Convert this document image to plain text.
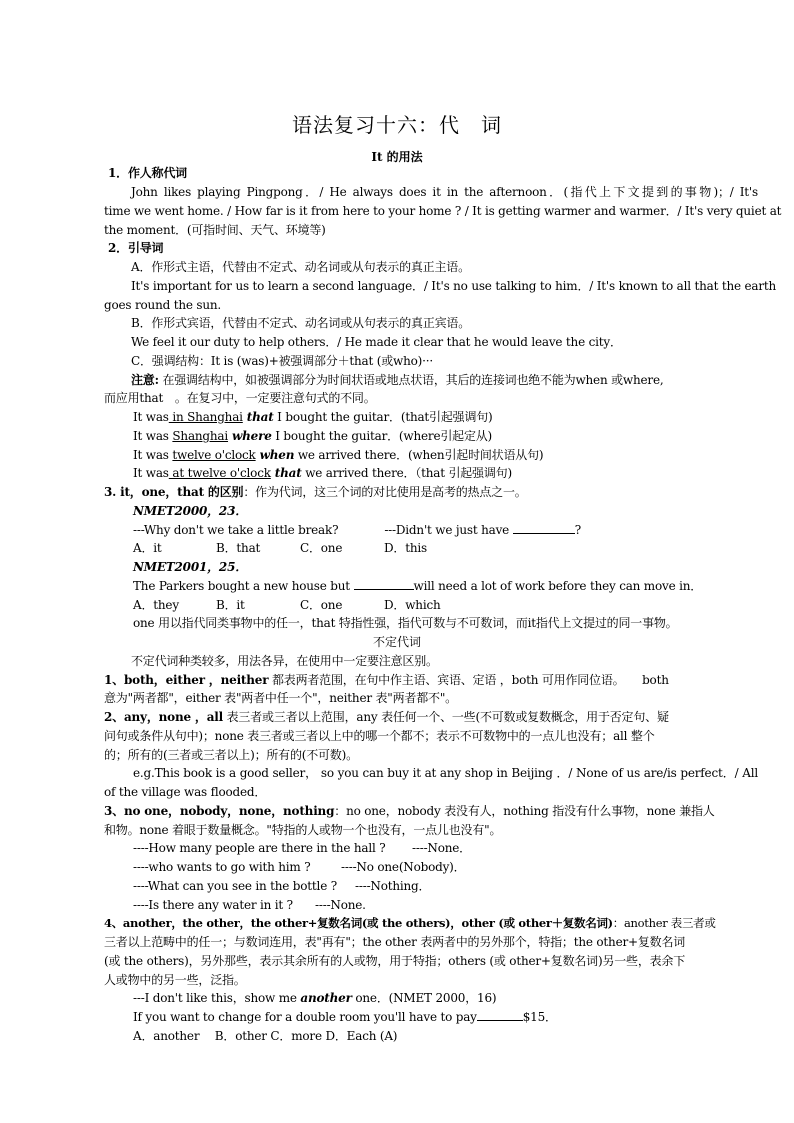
语法复习十六：代　词
It 的用法
1．作人称代词
John likes playing Pingpong．/ He always does it in the afternoon．(指代上下文提到的事物)；/ It's
time we went home. / How far is it from here to your home ? / It is getting warmer and warmer．/ It's very quiet at
the moment．(可指时间、天气、环境等)
2．引导词
A．作形式主语，代替由不定式、动名词或从句表示的真正主语。
It's important for us to learn a second language．/ It's no use talking to him．/ It's known to all that the earth
goes round the sun.
B．作形式宾语，代替由不定式、动名词或从句表示的真正宾语。
We feel it our duty to help others．/ He made it clear that he would leave the city．
C．强调结构：It is (was)+被强调部分＋that (或who)···
注意: 在强调结构中，如被强调部分为时间状语或地点状语，其后的连接词也绝不能为when 或where,
而应用that　。在复习中，一定要注意句式的不同。
It was in Shanghai that I bought the guitar．(that引起强调句)
It was Shanghai where I bought the guitar．(where引起定从)
It was twelve o'clock when we arrived there．(when引起时间状语从句)
It was at twelve o'clock that we arrived there．（that 引起强调句)
3. it，one，that 的区别：作为代词，这三个词的对比使用是高考的热点之一。
NMET2000，23．
---Why don't we take a little break?	---Didn't we just have	?
A．it	B．that	C．one	D．this
NMET2001，25．
The Parkers bought a new house but	will need a lot of work before they can move in．
A．they	B．it	C．one	D．which
one 用以指代同类事物中的任一，that 特指性强，指代可数与不可数词，而it指代上文提过的同一事物。
不定代词
不定代词种类较多，用法各异，在使用中一定要注意区别。
1、both，either ，neither 都表两者范围，在句中作主语、宾语、定语 ，both 可用作同位语。　　both
意为"两者都"，either 表"两者中任一个"，neither 表"两者都不"。
2、any，none ，all 表三者或三者以上范围，any 表任何一个、一些(不可数或复数概念，用于否定句、疑
问句或条件从句中)；none 表三者或三者以上中的哪一个都不；表示不可数物中的一点儿也没有；all 整个
的；所有的(三者或三者以上)；所有的(不可数)。
e.g.This book is a good seller， so you can buy it at any shop in Beijing ．/ None of us are/is perfect．/ All
of the village was flooded．
3、no one，nobody，none，nothing：no one，nobody 表没有人，nothing 指没有什么事物，none 兼指人
和物。none 着眼于数量概念。"特指的人或物一个也没有，一点儿也没有"。
----How many people are there in the hall ? ----None．
----who wants to go with him ?	----No one(Nobody)．
----What can you see in the bottle ? ----Nothing．
----Is there any water in it ? ----None.
4、another，the other，the other+复数名词(或 the others)，other (或 other＋复数名词)：another 表三者或
三者以上范畴中的任一；与数词连用，表"再有"；the other 表两者中的另外那个，特指；the other+复数名词
(或 the others)，另外那些，表示其余所有的人或物，用于特指；others (或 other+复数名词)另一些，表余下
人或物中的另一些，泛指。
---I don't like this，show me another one．(NMET 2000，16)
If you want to change for a double room you'll have to pay	$15．
A．another　 B．other C．more D．Each (A)
